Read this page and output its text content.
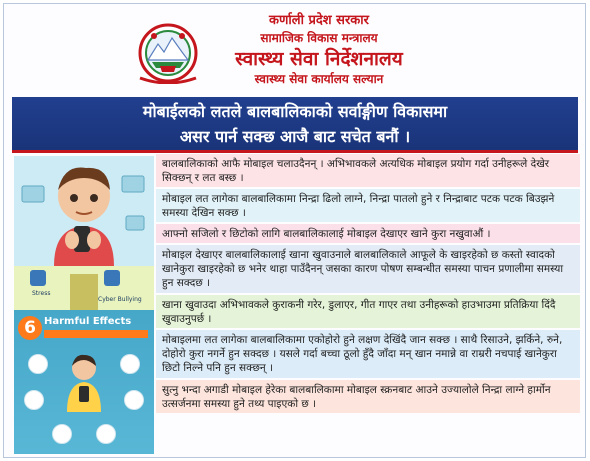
कर्णाली प्रदेश सरकार
सामाजिक विकास मन्त्रालय
स्वास्थ्य सेवा निर्देशनालय
स्वास्थ्य सेवा कार्यालय सल्यान
मोबाईलको लतले बालबालिकाको सर्वाङ्गीण विकासमा
असर पार्न सक्छ आजै बाट सचेत बनौं ।
Stress
Cyber Bullying
6 Harmful Effects
बालबालिकाको आफै मोबाइल चलाउदैनन् । अभिभावकले अत्यधिक मोबाइल प्रयोग गर्दा उनीहरूले देखेर सिक्छन् र लत बस्छ ।
मोबाइल लत लागेका बालबालिकामा निन्द्रा ढिलो लाग्ने, निन्द्रा पातलो हुने र निन्द्राबाट पटक पटक बिउझने समस्या देखिन सक्छ ।
आफ्नो सजिलो र छिटोको लागि बालबालिकालाई मोबाइल देखाएर खाने कुरा नखुवाऔं ।
मोबाइल देखाएर बालबालिकालाई खाना खुवाउनाले बालबालिकाले आफूले के खाइरहेको छ कस्तो स्वादको खानेकुरा खाइरहेको छ भनेर थाहा पाउँदैनन् जसका कारण पोषण सम्बन्धीत समस्या पाचन प्रणालीमा समस्या हुन सक्दछ ।
खाना खुवाउदा अभिभावकले कुराकनी गरेर, डुलाएर, गीत गाएर तथा उनीहरूको हाउभाउमा प्रतिक्रिया दिंदै खुवाउनुपर्छ ।
मोबाइलमा लत लागेका बालबालिकामा एकोहोरो हुने लक्षण देखिंदै जान सक्छ । साथै रिसाउने, झर्किने, रुने, दोहोरो कुरा नगर्ने हुन सक्दछ । यसले गर्दा बच्चा ठूलो हुँदै जाँदा मन् खान नमान्ने वा राम्ररी नचपाई खानेकुरा छिटो निल्ने पनि हुन सक्छन् ।
सुत्नु भन्दा अगाडी मोबाइल हेरेका बालबालिकामा मोबाइल स्क्रनबाट आउने उज्यालोले निन्द्रा लाग्ने हार्मोन उत्सर्जनमा समस्या हुने तथ्य पाइएको छ ।
